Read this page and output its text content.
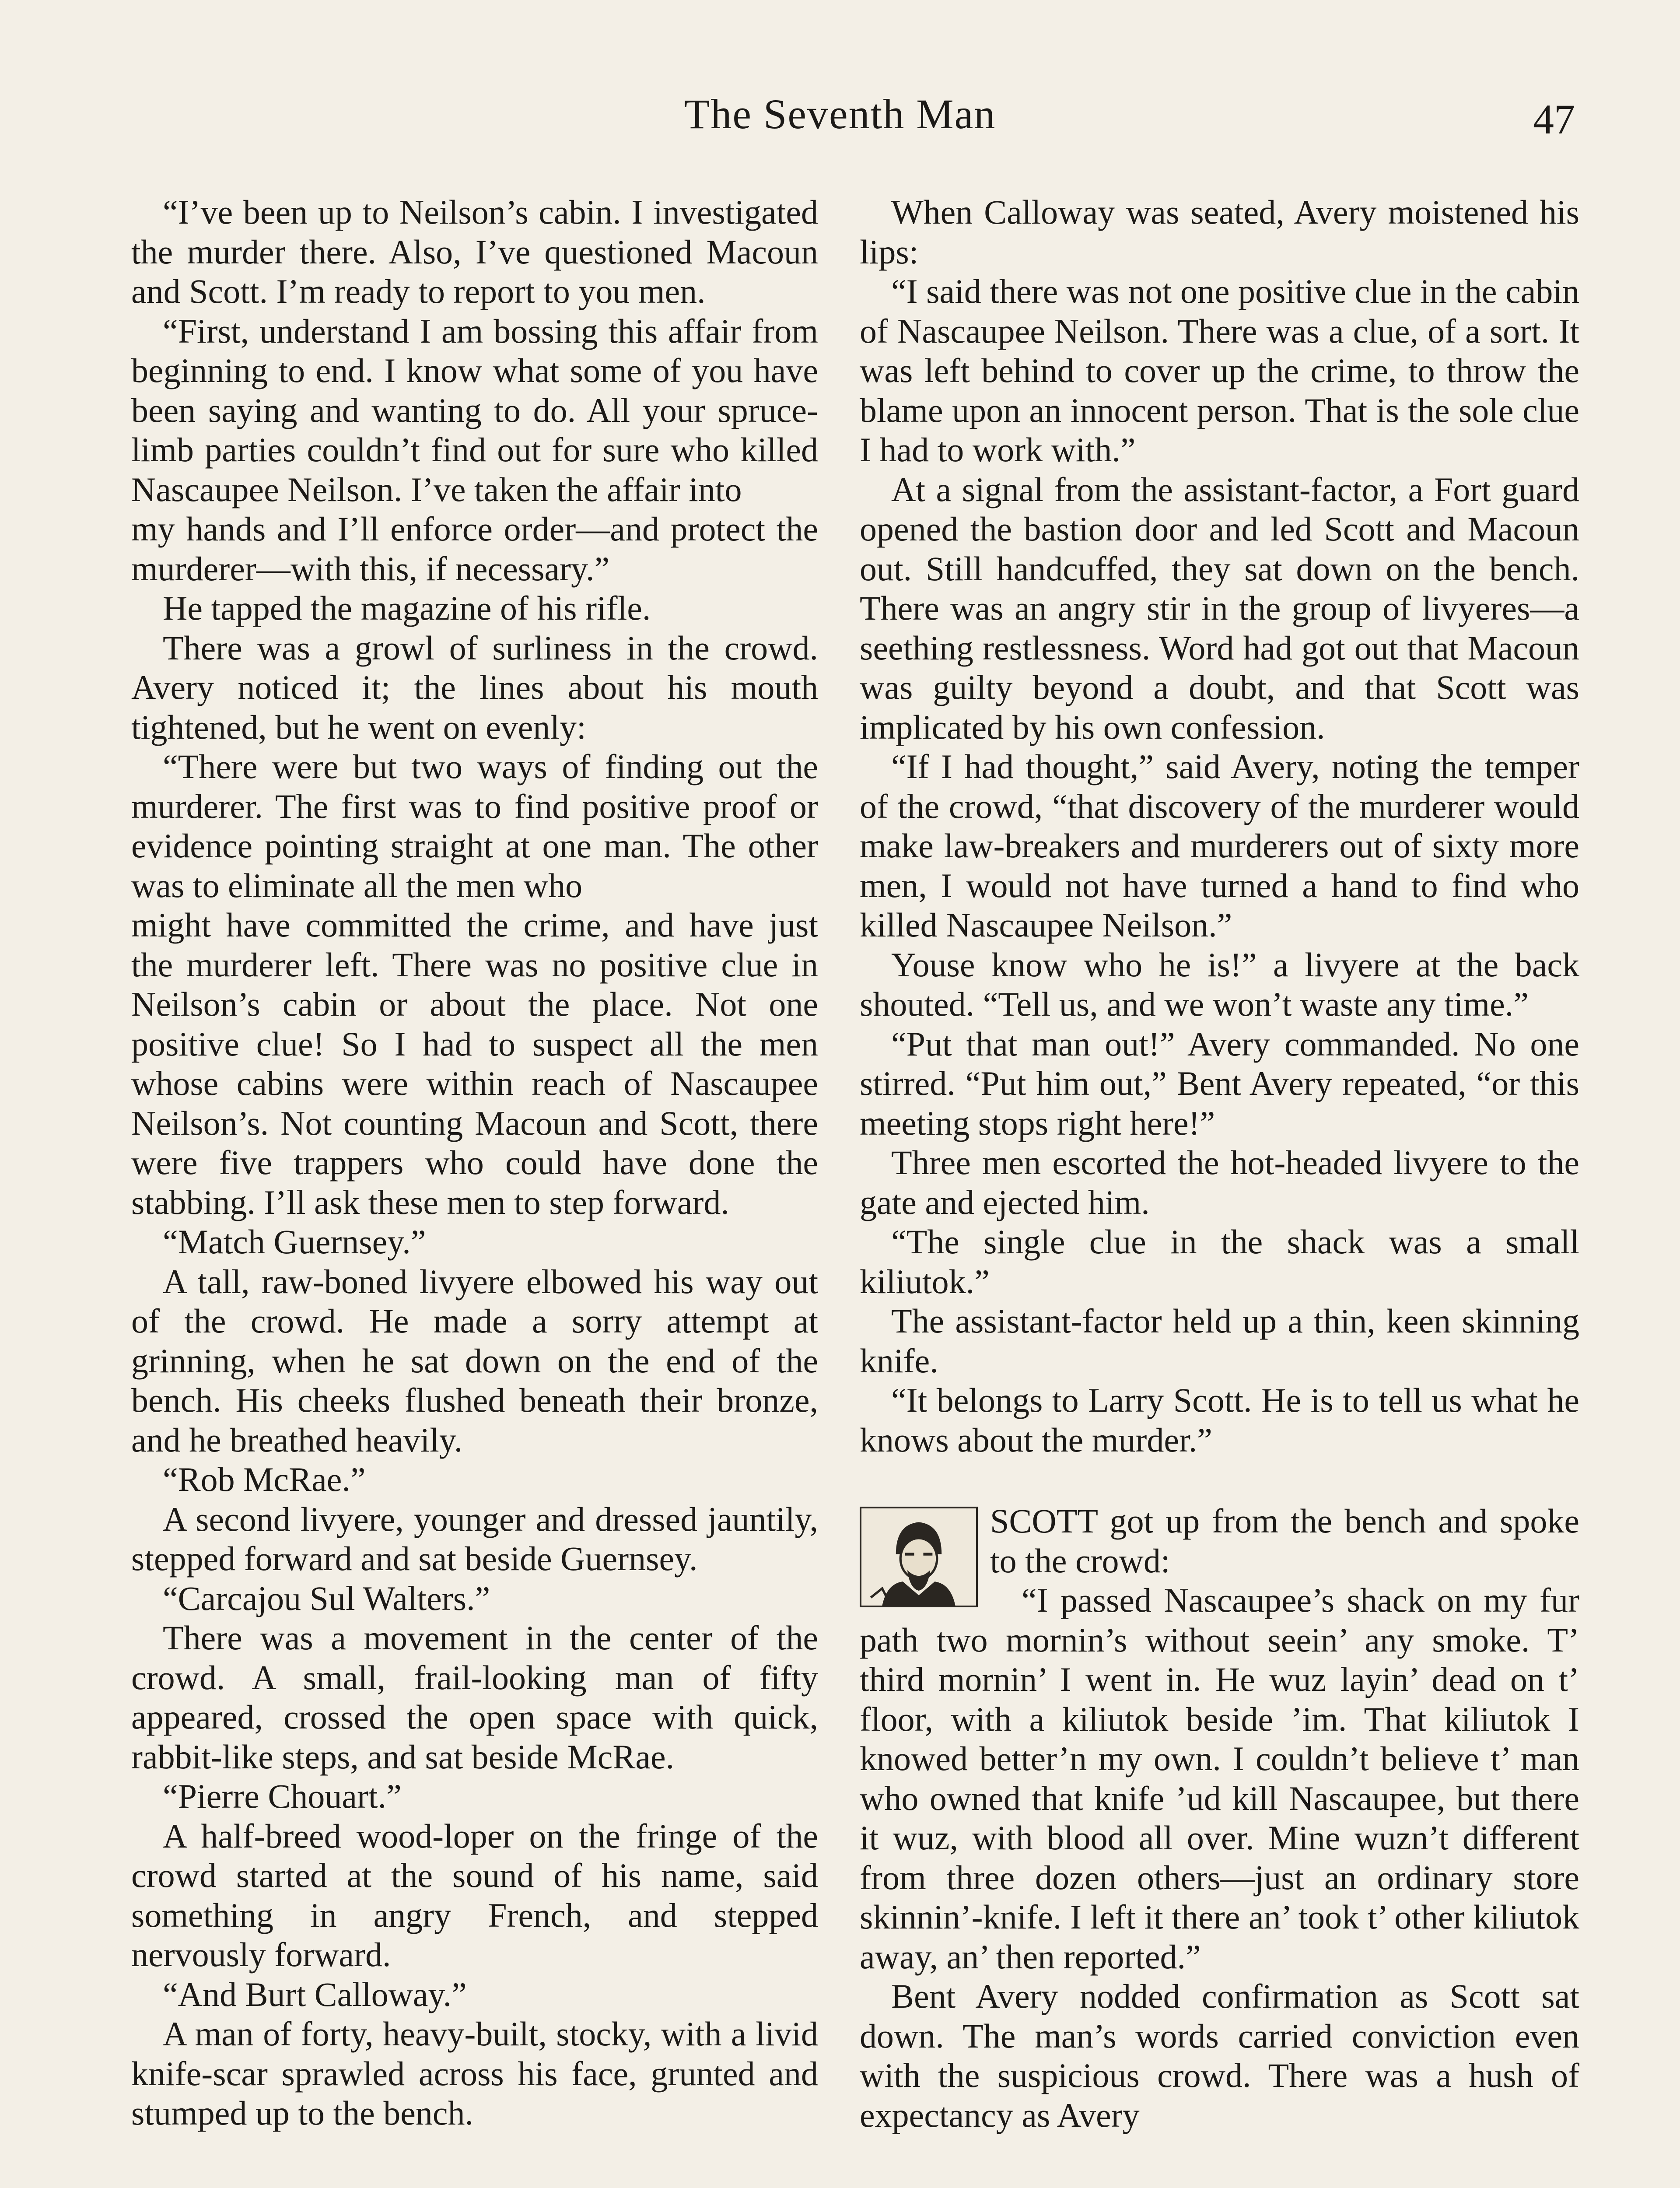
The Seventh Man	47

“I’ve been up to Neilson’s cabin. I investigated the murder there. Also, I’ve questioned Macoun and Scott. I’m ready to report to you men.

“First, understand I am bossing this affair from beginning to end. I know what some of you have been saying and wanting to do. All your spruce-limb parties couldn’t find out for sure who killed Nascaupee Neilson. I’ve taken the affair into

my hands and I’ll enforce order—and protect the murderer—with this, if necessary.”

He tapped the magazine of his rifle.

There was a growl of surliness in the crowd. Avery noticed it; the lines about his mouth tightened, but he went on evenly:

“There were but two ways of finding out the murderer. The first was to find positive proof or evidence pointing straight at one man. The other was to eliminate all the men who

might have committed the crime, and have just the murderer left. There was no positive clue in Neilson’s cabin or about the place. Not one positive clue! So I had to suspect all the men whose cabins were within reach of Nascaupee Neilson’s. Not counting Macoun and Scott, there were five trappers who could have done the stabbing. I’ll ask these men to step forward.

“Match Guernsey.”

A tall, raw-boned livyere elbowed his way out of the crowd. He made a sorry attempt at grinning, when he sat down on the end of the bench. His cheeks flushed beneath their bronze, and he breathed heavily.

“Rob McRae.”

A second livyere, younger and dressed jauntily, stepped forward and sat beside Guernsey.

“Carcajou Sul Walters.”

There was a movement in the center of the crowd. A small, frail-looking man of fifty appeared, crossed the open space with quick, rabbit-like steps, and sat beside McRae.

“Pierre Chouart.”

A half-breed wood-loper on the fringe of the crowd started at the sound of his name, said something in angry French, and stepped nervously forward.

“And Burt Calloway.”

A man of forty, heavy-built, stocky, with a livid knife-scar sprawled across his face, grunted and stumped up to the bench.

When Calloway was seated, Avery moistened his lips:

“I said there was not one positive clue in the cabin of Nascaupee Neilson. There was a clue, of a sort. It was left behind to cover up the crime, to throw the blame upon an innocent person. That is the sole clue I had to work with.”

At a signal from the assistant-factor, a Fort guard opened the bastion door and led Scott and Macoun out. Still handcuffed, they sat down on the bench. There was an angry stir in the group of livyeres—a seething restlessness. Word had got out that Macoun was guilty beyond a doubt, and that Scott was implicated by his own confession.

“If I had thought,” said Avery, noting the temper of the crowd, “that discovery of the murderer would make law-breakers and murderers out of sixty more men, I would not have turned a hand to find who killed Nascaupee Neilson.”

Youse know who he is!” a livyere at the back shouted. “Tell us, and we won’t waste any time.”

“Put that man out!” Avery commanded. No one stirred. “Put him out,” Bent Avery repeated, “or this meeting stops right here!”

Three men escorted the hot-headed livyere to the gate and ejected him.

“The single clue in the shack was a small kiliutok.”

The assistant-factor held up a thin, keen skinning knife.

“It belongs to Larry Scott. He is to tell us what he knows about the murder.”

SCOTT got up from the bench and spoke to the crowd:

“I passed Nascaupee’s shack on my fur path two mornin’s without seein’ any smoke. T’ third mornin’ I went in. He wuz layin’ dead on t’ floor, with a kiliutok beside ’im. That kiliutok I knowed better’n my own. I couldn’t believe t’ man who owned that knife ’ud kill Nascaupee, but there it wuz, with blood all over. Mine wuzn’t different from three dozen others—just an ordinary store skinnin’-knife. I left it there an’ took t’ other kiliutok away, an’ then reported.”

Bent Avery nodded confirmation as Scott sat down. The man’s words carried conviction even with the suspicious crowd. There was a hush of expectancy as Avery
